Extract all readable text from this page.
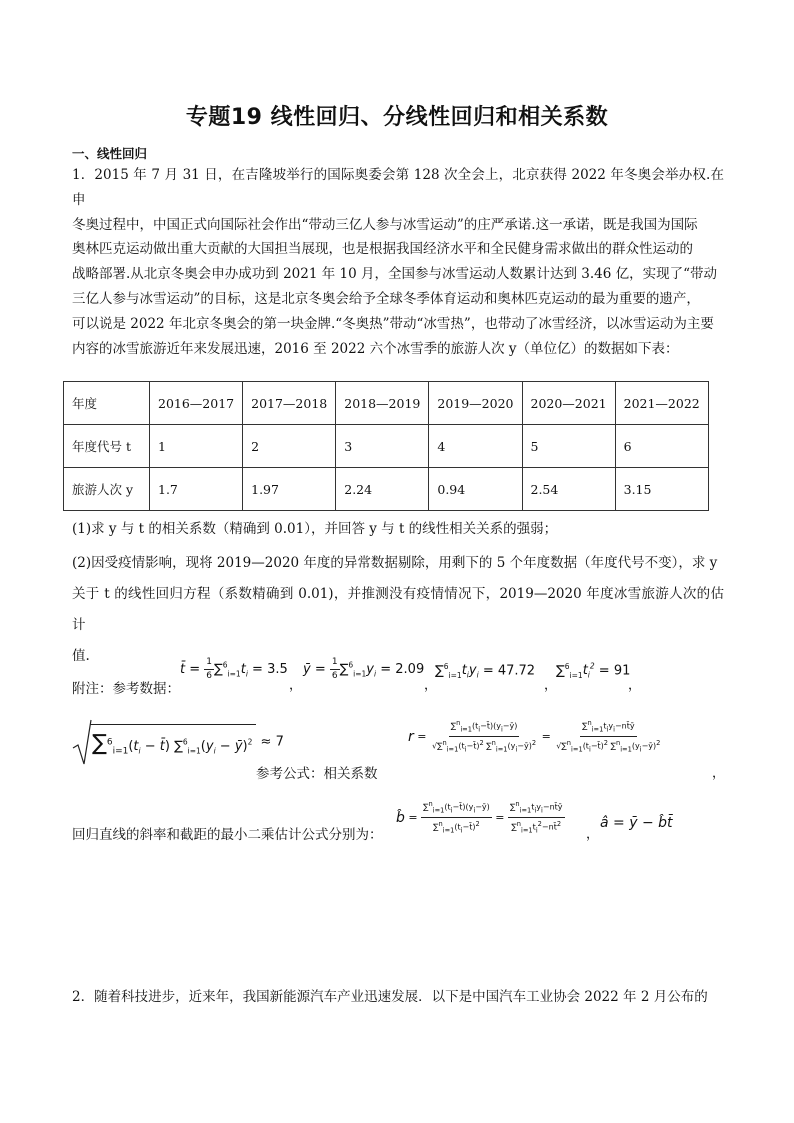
专题19 线性回归、分线性回归和相关系数
一、线性回归

1．2015 年 7 月 31 日，在吉隆坡举行的国际奥委会第 128 次全会上，北京获得 2022 年冬奥会举办权.在申

冬奥过程中，中国正式向国际社会作出“带动三亿人参与冰雪运动”的庄严承诺.这一承诺，既是我国为国际

奥林匹克运动做出重大贡献的大国担当展现，也是根据我国经济水平和全民健身需求做出的群众性运动的

战略部署.从北京冬奥会申办成功到 2021 年 10 月，全国参与冰雪运动人数累计达到 3.46 亿，实现了“带动

三亿人参与冰雪运动”的目标，这是北京冬奥会给予全球冬季体育运动和奥林匹克运动的最为重要的遗产，

可以说是 2022 年北京冬奥会的第一块金牌.“冬奥热”带动“冰雪热”，也带动了冰雪经济，以冰雪运动为主要

内容的冰雪旅游近年来发展迅速，2016 至 2022 六个冰雪季的旅游人次 y（单位亿）的数据如下表：

年度	2016—2017	2017—2018	2018—2019	2019—2020	2020—2021	2021—2022
年度代号 t	1	2	3	4	5	6
旅游人次 y	1.7	1.97	2.24	0.94	2.54	3.15
(1)求 y 与 t 的相关系数（精确到 0.01），并回答 y 与 t 的线性相关关系的强弱；

(2)因受疫情影响，现将 2019—2020 年度的异常数据剔除，用剩下的 5 个年度数据（年度代号不变），求 y

关于 t 的线性回归方程（系数精确到 0.01)，并推测没有疫情情况下，2019—2020 年度冰雪旅游人次的估计

值.

附注：参考数据：
t̄ = $\frac{1}{6} \sum^6_{i=1}t_i = 3.5$
，
ȳ = $\frac{1}{6} \sum^6_{i=1}y_i = 2.09$
，
$\sum^6_{i=1}t_iy_i = 47.72$
，
$\sum^6_{i=1}t_i^2 = 91$
，
$\sum^6_{i=1}(t_i$ − t̄) $\sum^6_{i=1}(y_i$ − ȳ)$^2$ ≈ 7
参考公式：相关系数
$r = \frac{\sum^n_{i=1}(t_i-t̄)(y_i-ȳ)}{√\sum^n_{i=1}(t_i-t̄)^2 \sum^n_{i=1}(y_i-ȳ)^2} = \frac{\sum^n_{i=1}t_iy_i-nt̄ȳ}{√\sum^n_{i=1}(t_i-t̄)^2 \sum^n_{i=1}(y_i-ȳ)^2}$
，
回归直线的斜率和截距的最小二乘估计公式分别为：
b̂ = $\frac{\sum^n_{i=1}(t_i-t̄)(y_i-ȳ)}{\sum^n_{i=1}(t_i-t̄)^2} = \frac{\sum^n_{i=1}t_iy_i-nt̄ȳ}{\sum^n_{i=1}t_i^2-nt̄^2}$ ，
â = ȳ − b̂t̄
2．随着科技进步，近来年，我国新能源汽车产业迅速发展．以下是中国汽车工业协会 2022 年 2 月公布的
